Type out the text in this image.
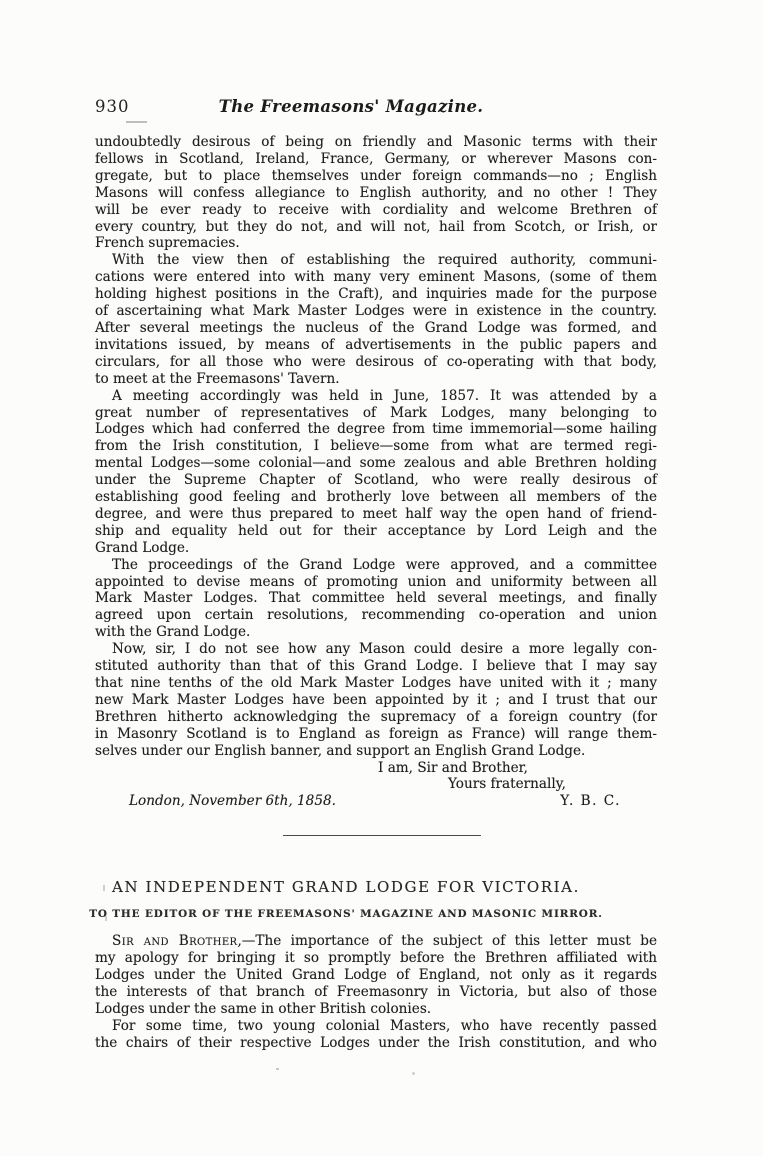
930	The Freemasons' Magazine.
undoubtedly desirous of being on friendly and Masonic terms with their
fellows in Scotland, Ireland, France, Germany, or wherever Masons con-
gregate, but to place themselves under foreign commands—no ; English
Masons will confess allegiance to English authority, and no other ! They
will be ever ready to receive with cordiality and welcome Brethren of
every country, but they do not, and will not, hail from Scotch, or Irish, or
French supremacies.
With the view then of establishing the required authority, communi-
cations were entered into with many very eminent Masons, (some of them
holding highest positions in the Craft), and inquiries made for the purpose
of ascertaining what Mark Master Lodges were in existence in the country.
After several meetings the nucleus of the Grand Lodge was formed, and
invitations issued, by means of advertisements in the public papers and
circulars, for all those who were desirous of co-operating with that body,
to meet at the Freemasons' Tavern.
A meeting accordingly was held in June, 1857. It was attended by a
great number of representatives of Mark Lodges, many belonging to
Lodges which had conferred the degree from time immemorial—some hailing
from the Irish constitution, I believe—some from what are termed regi-
mental Lodges—some colonial—and some zealous and able Brethren holding
under the Supreme Chapter of Scotland, who were really desirous of
establishing good feeling and brotherly love between all members of the
degree, and were thus prepared to meet half way the open hand of friend-
ship and equality held out for their acceptance by Lord Leigh and the
Grand Lodge.
The proceedings of the Grand Lodge were approved, and a committee
appointed to devise means of promoting union and uniformity between all
Mark Master Lodges. That committee held several meetings, and finally
agreed upon certain resolutions, recommending co-operation and union
with the Grand Lodge.
Now, sir, I do not see how any Mason could desire a more legally con-
stituted authority than that of this Grand Lodge. I believe that I may say
that nine tenths of the old Mark Master Lodges have united with it ; many
new Mark Master Lodges have been appointed by it ; and I trust that our
Brethren hitherto acknowledging the supremacy of a foreign country (for
in Masonry Scotland is to England as foreign as France) will range them-
selves under our English banner, and support an English Grand Lodge.
I am, Sir and Brother,
Yours fraternally,
London, November 6th, 1858.	Y. B. C.
AN INDEPENDENT GRAND LODGE FOR VICTORIA.
TO THE EDITOR OF THE FREEMASONS' MAGAZINE AND MASONIC MIRROR.
Sir and Brother,—The importance of the subject of this letter must be
my apology for bringing it so promptly before the Brethren affiliated with
Lodges under the United Grand Lodge of England, not only as it regards
the interests of that branch of Freemasonry in Victoria, but also of those
Lodges under the same in other British colonies.
For some time, two young colonial Masters, who have recently passed
the chairs of their respective Lodges under the Irish constitution, and who
